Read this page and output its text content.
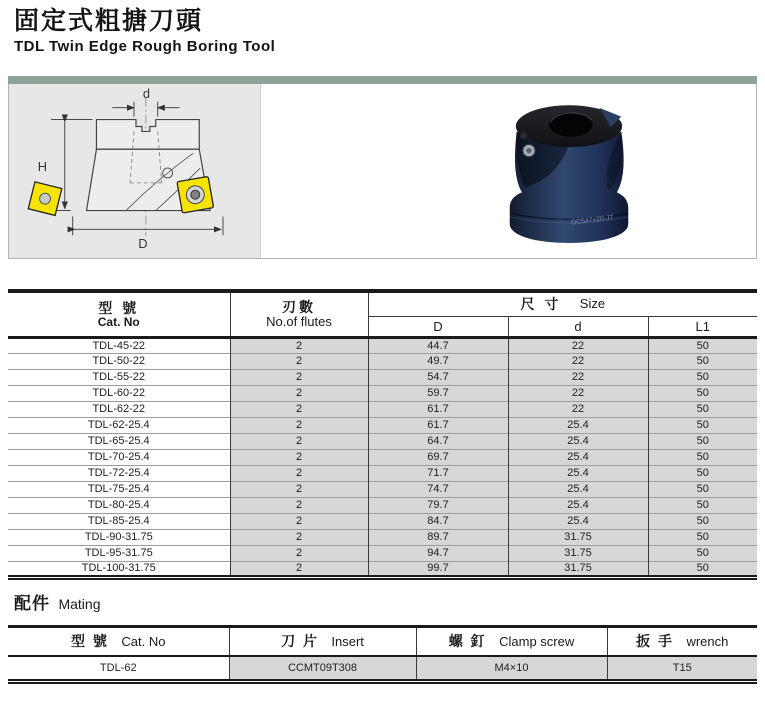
固定式粗搪刀頭
TDL Twin Edge Rough Boring Tool
d
H
D
GC547x20-JT
型 號
Cat. No	刃數
No.of flutes	尺 寸 Size		
		D	d	L1
TDL-45-22	2	44.7	22	50
TDL-50-22	2	49.7	22	50
TDL-55-22	2	54.7	22	50
TDL-60-22	2	59.7	22	50
TDL-62-22	2	61.7	22	50
TDL-62-25.4	2	61.7	25.4	50
TDL-65-25.4	2	64.7	25.4	50
TDL-70-25.4	2	69.7	25.4	50
TDL-72-25.4	2	71.7	25.4	50
TDL-75-25.4	2	74.7	25.4	50
TDL-80-25.4	2	79.7	25.4	50
TDL-85-25.4	2	84.7	25.4	50
TDL-90-31.75	2	89.7	31.75	50
TDL-95-31.75	2	94.7	31.75	50
TDL-100-31.75	2	99.7	31.75	50
配件 Mating
型 號 Cat. No	刀 片 Insert	螺 釘 Clamp screw	扳 手 wrench
TDL-62	CCMT09T308	M4×10	T15
